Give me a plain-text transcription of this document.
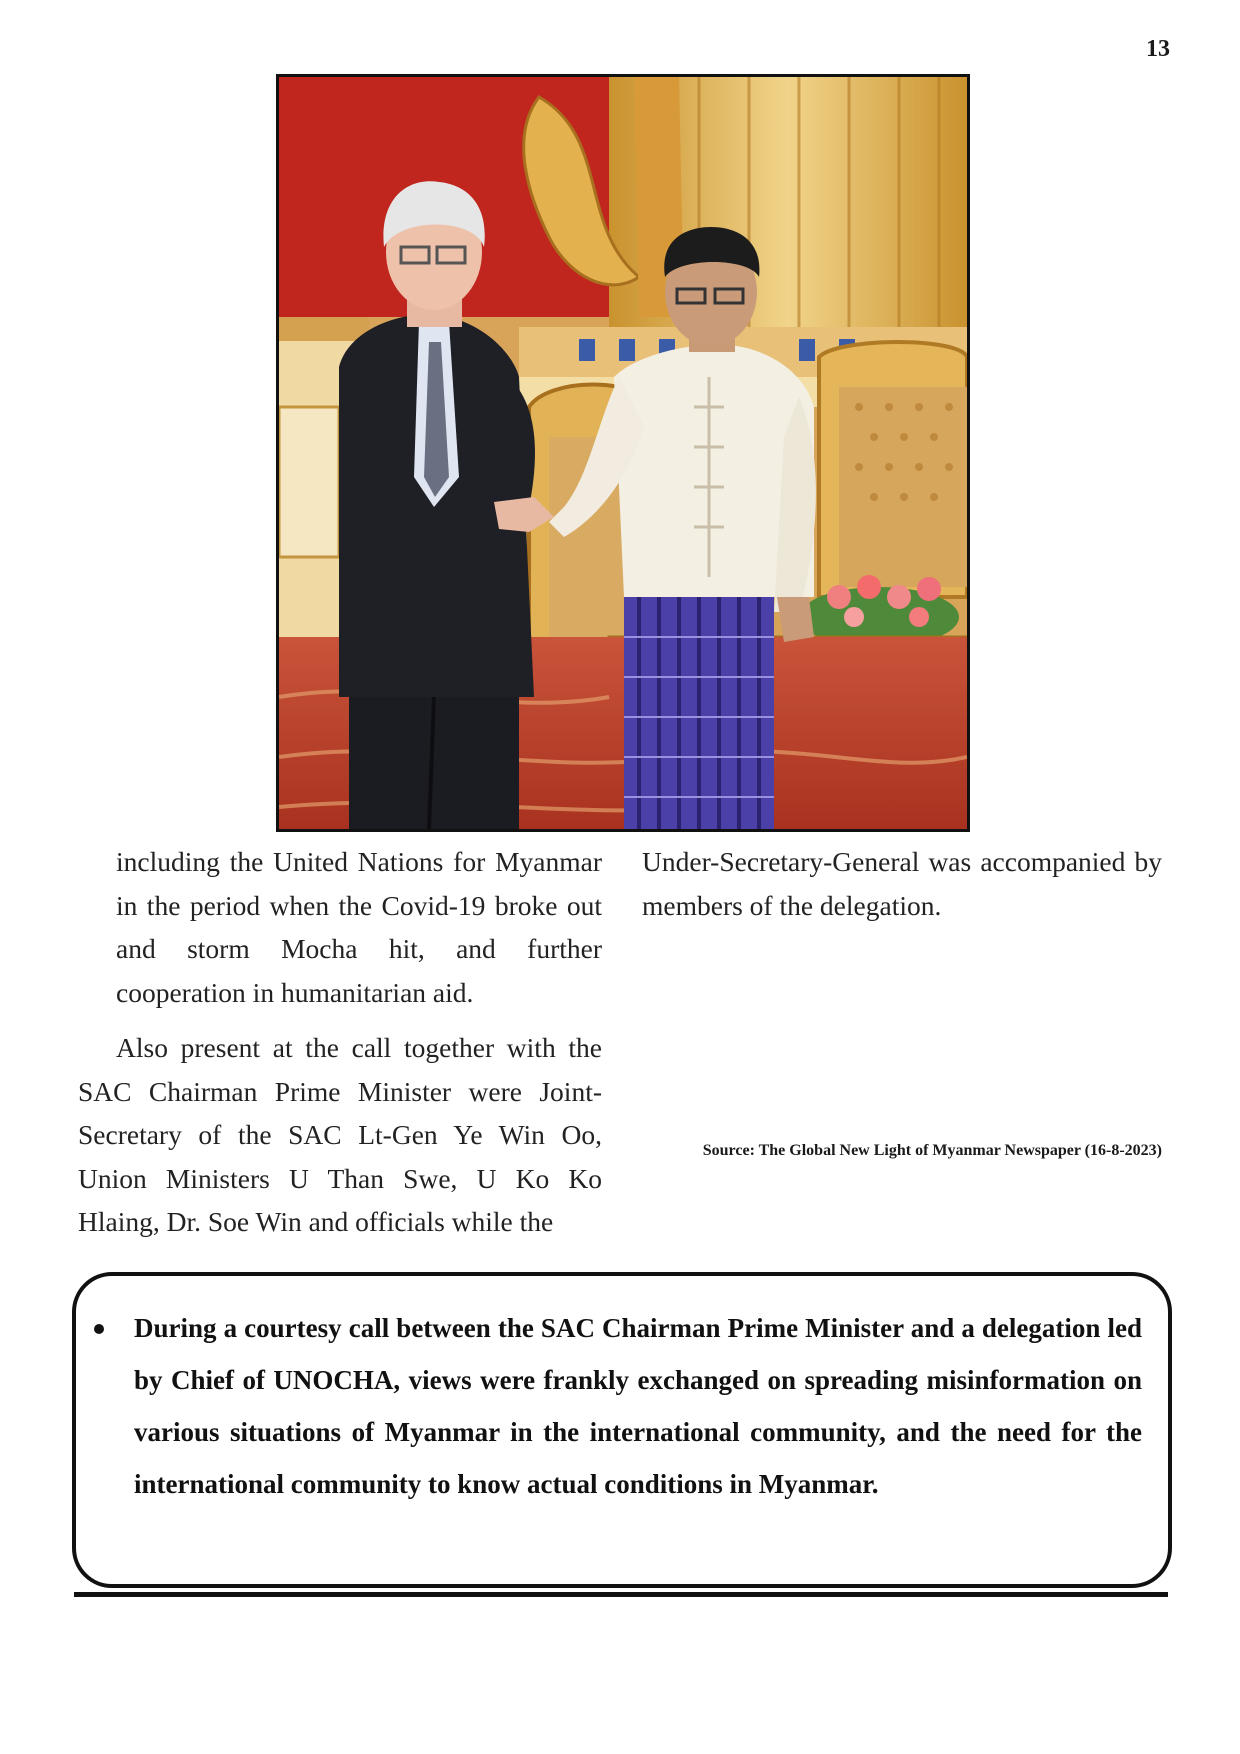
13

including the United Nations for Myanmar in the period when the Covid-19 broke out and storm Mocha hit, and further cooperation in humanitarian aid.

Also present at the call together with the SAC Chairman Prime Minister were Joint-Secretary of the SAC Lt-Gen Ye Win Oo, Union Ministers U Than Swe, U Ko Ko Hlaing, Dr. Soe Win and officials while the

Under-Secretary-General was accompanied by members of the delegation.

Source: The Global New Light of Myanmar Newspaper (16-8-2023)
During a courtesy call between the SAC Chairman Prime Minister and a delegation led by Chief of UNOCHA, views were frankly exchanged on spreading misinformation on various situations of Myanmar in the international community, and the need for the international community to know actual conditions in Myanmar.
